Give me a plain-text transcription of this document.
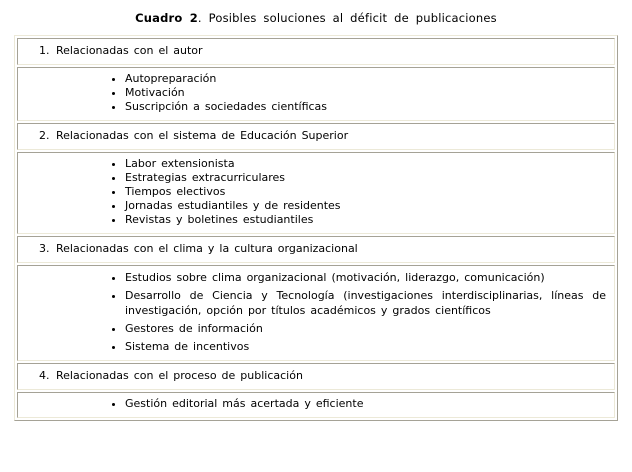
Cuadro 2. Posibles soluciones al déficit de publicaciones
1. Relacionadas con el autor
• Autopreparación
• Motivación
• Suscripción a sociedades científicas
2. Relacionadas con el sistema de Educación Superior
• Labor extensionista
• Estrategias extracurriculares
• Tiempos electivos
• Jornadas estudiantiles y de residentes
• Revistas y boletines estudiantiles
3. Relacionadas con el clima y la cultura organizacional
• Estudios sobre clima organizacional (motivación, liderazgo, comunicación)
• Desarrollo de Ciencia y Tecnología (investigaciones interdisciplinarias, líneas de investigación, opción por títulos académicos y grados científicos
• Gestores de información
• Sistema de incentivos
4. Relacionadas con el proceso de publicación
• Gestión editorial más acertada y eficiente
